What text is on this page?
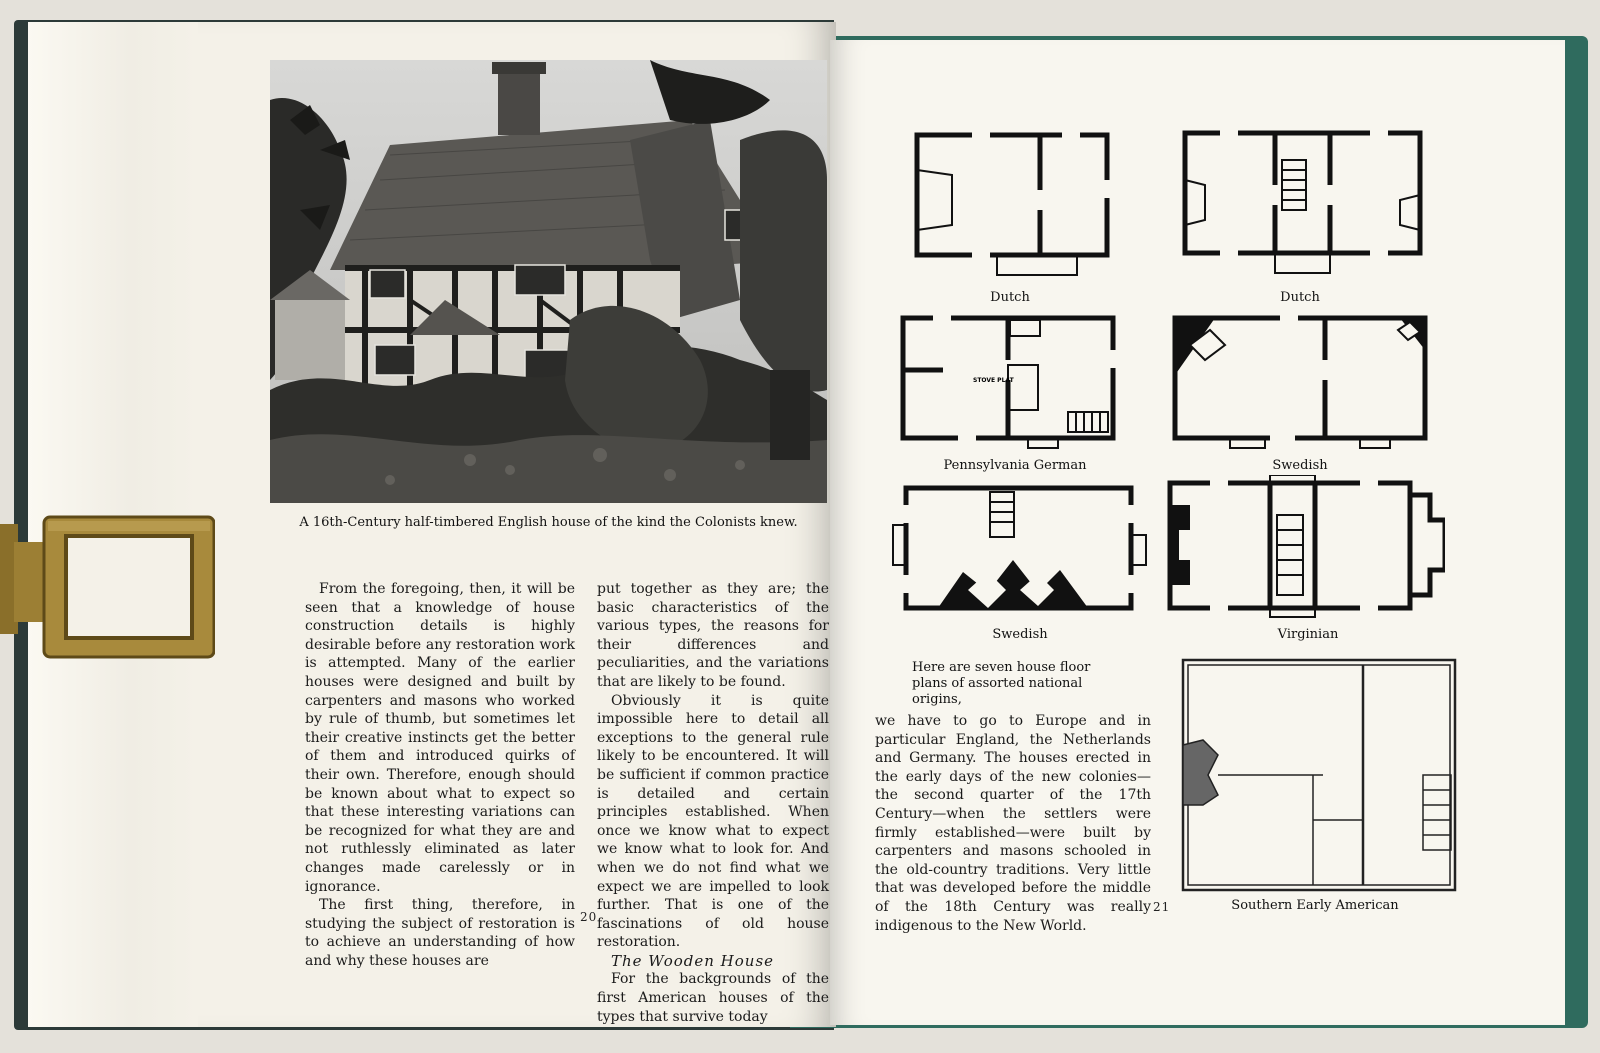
A 16th-Century half-timbered English house of the kind the Colonists knew.

From the foregoing, then, it will be seen that a knowledge of house construction details is highly desirable before any restoration work is attempted. Many of the earlier houses were designed and built by carpenters and masons who worked by rule of thumb, but sometimes let their creative instincts get the better of them and introduced quirks of their own. Therefore, enough should be known about what to expect so that these interesting variations can be recognized for what they are and not ruthlessly eliminated as later changes made carelessly or in ignorance.

The first thing, therefore, in studying the subject of restoration is to achieve an understanding of how and why these houses are

put together as they are; the basic characteristics of the various types, the reasons for their differences and peculiarities, and the variations that are likely to be found.

Obviously it is quite impossible here to detail all exceptions to the general rule likely to be encountered. It will be sufficient if common practice is detailed and certain principles established. When once we know what to expect we know what to look for. And when we do not find what we expect we are impelled to look further. That is one of the fascinations of old house restoration.

The Wooden House

For the backgrounds of the first American houses of the types that survive today

20
Dutch	Dutch
STOVE PLAT
Pennsylvania German	Swedish
Swedish	Virginian
Here are seven house floor plans of assorted national origins,
Southern Early American
we have to go to Europe and in particular England, the Netherlands and Germany. The houses erected in the early days of the new colonies—the second quarter of the 17th Century—when the settlers were firmly established—were built by carpenters and masons schooled in the old-country traditions. Very little that was developed before the middle of the 18th Century was really indigenous to the New World.
21
